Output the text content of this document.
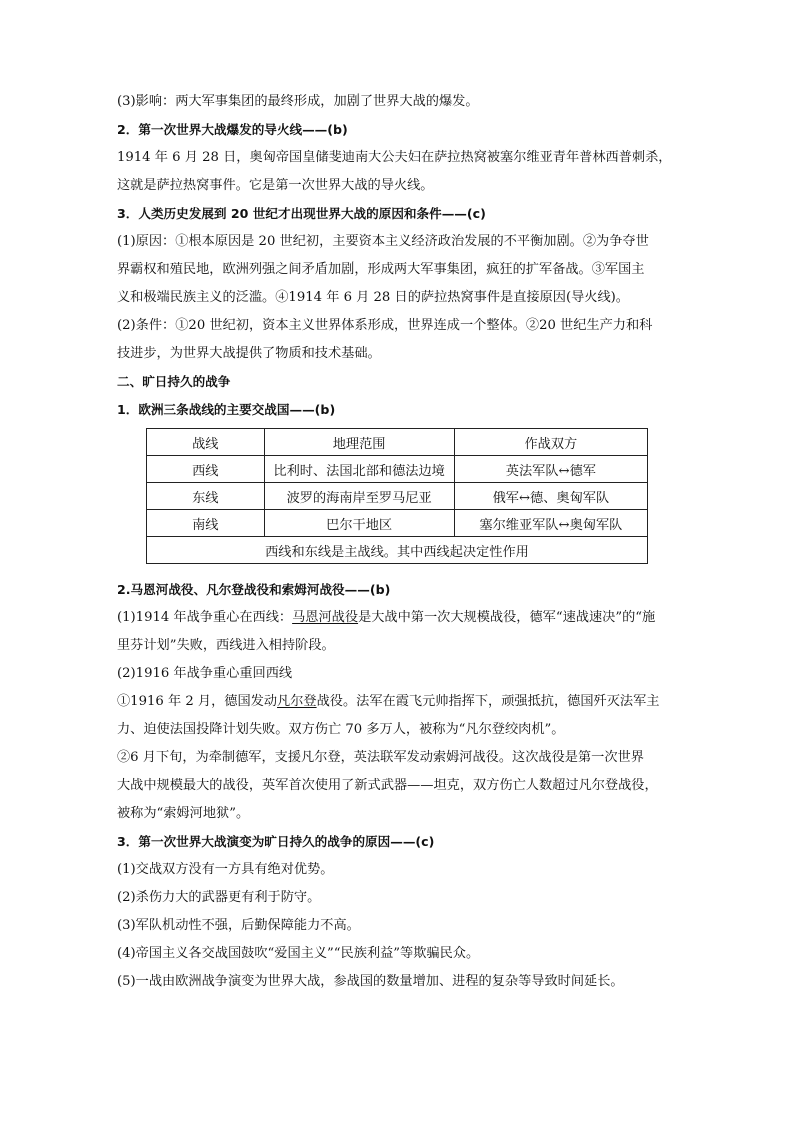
(3)影响：两大军事集团的最终形成，加剧了世界大战的爆发。
2．第一次世界大战爆发的导火线——(b)
1914 年 6 月 28 日，奥匈帝国皇储斐迪南大公夫妇在萨拉热窝被塞尔维亚青年普林西普刺杀，
这就是萨拉热窝事件。它是第一次世界大战的导火线。
3．人类历史发展到 20 世纪才出现世界大战的原因和条件——(c)
(1)原因：①根本原因是 20 世纪初，主要资本主义经济政治发展的不平衡加剧。②为争夺世
界霸权和殖民地，欧洲列强之间矛盾加剧，形成两大军事集团，疯狂的扩军备战。③军国主
义和极端民族主义的泛滥。④1914 年 6 月 28 日的萨拉热窝事件是直接原因(导火线)。
(2)条件：①20 世纪初，资本主义世界体系形成，世界连成一个整体。②20 世纪生产力和科
技进步，为世界大战提供了物质和技术基础。
二、旷日持久的战争
1．欧洲三条战线的主要交战国——(b)
战线	地理范围	作战双方
西线	比利时、法国北部和德法边境	英法军队↔德军
东线	波罗的海南岸至罗马尼亚	俄军↔德、奥匈军队
南线	巴尔干地区	塞尔维亚军队↔奥匈军队
西线和东线是主战线。其中西线起决定性作用		
2.马恩河战役、凡尔登战役和索姆河战役——(b)
(1)1914 年战争重心在西线：马恩河战役是大战中第一次大规模战役，德军“速战速决”的“施
里芬计划”失败，西线进入相持阶段。
(2)1916 年战争重心重回西线
①1916 年 2 月，德国发动凡尔登战役。法军在霞飞元帅指挥下，顽强抵抗，德国歼灭法军主
力、迫使法国投降计划失败。双方伤亡 70 多万人，被称为“凡尔登绞肉机”。
②6 月下旬，为牵制德军，支援凡尔登，英法联军发动索姆河战役。这次战役是第一次世界
大战中规模最大的战役，英军首次使用了新式武器——坦克，双方伤亡人数超过凡尔登战役，
被称为“索姆河地狱”。
3．第一次世界大战演变为旷日持久的战争的原因——(c)
(1)交战双方没有一方具有绝对优势。
(2)杀伤力大的武器更有利于防守。
(3)军队机动性不强，后勤保障能力不高。
(4)帝国主义各交战国鼓吹“爱国主义”“民族利益”等欺骗民众。
(5)一战由欧洲战争演变为世界大战，参战国的数量增加、进程的复杂等导致时间延长。
